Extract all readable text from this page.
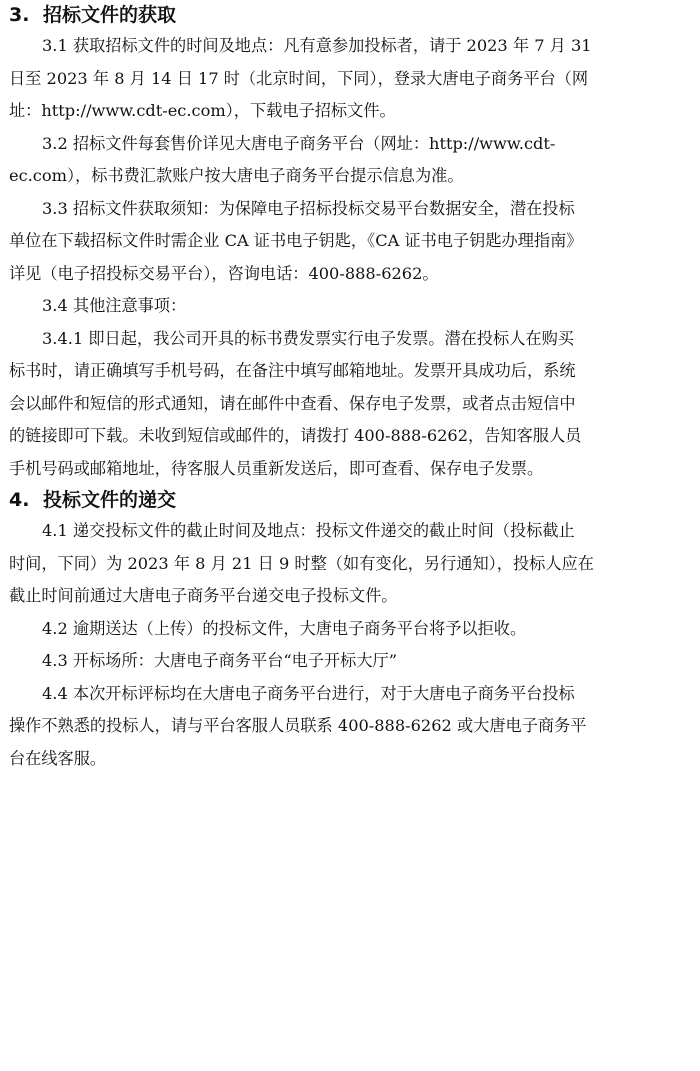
3. 招标文件的获取
3.1 获取招标文件的时间及地点：凡有意参加投标者，请于 2023 年 7 月 31
日至 2023 年 8 月 14 日 17 时（北京时间，下同），登录大唐电子商务平台（网
址：http://www.cdt-ec.com），下载电子招标文件。
3.2 招标文件每套售价详见大唐电子商务平台（网址：http://www.cdt-
ec.com），标书费汇款账户按大唐电子商务平台提示信息为准。
3.3 招标文件获取须知：为保障电子招标投标交易平台数据安全，潜在投标
单位在下载招标文件时需企业 CA 证书电子钥匙，《CA 证书电子钥匙办理指南》
详见（电子招投标交易平台），咨询电话：400-888-6262。
3.4 其他注意事项：
3.4.1 即日起，我公司开具的标书费发票实行电子发票。潜在投标人在购买
标书时，请正确填写手机号码，在备注中填写邮箱地址。发票开具成功后，系统
会以邮件和短信的形式通知，请在邮件中查看、保存电子发票，或者点击短信中
的链接即可下载。未收到短信或邮件的，请拨打 400-888-6262，告知客服人员
手机号码或邮箱地址，待客服人员重新发送后，即可查看、保存电子发票。
4. 投标文件的递交
4.1 递交投标文件的截止时间及地点：投标文件递交的截止时间（投标截止
时间，下同）为 2023 年 8 月 21 日 9 时整（如有变化，另行通知），投标人应在
截止时间前通过大唐电子商务平台递交电子投标文件。
4.2 逾期送达（上传）的投标文件，大唐电子商务平台将予以拒收。
4.3 开标场所：大唐电子商务平台“电子开标大厅”
4.4 本次开标评标均在大唐电子商务平台进行，对于大唐电子商务平台投标
操作不熟悉的投标人，请与平台客服人员联系 400-888-6262 或大唐电子商务平
台在线客服。
